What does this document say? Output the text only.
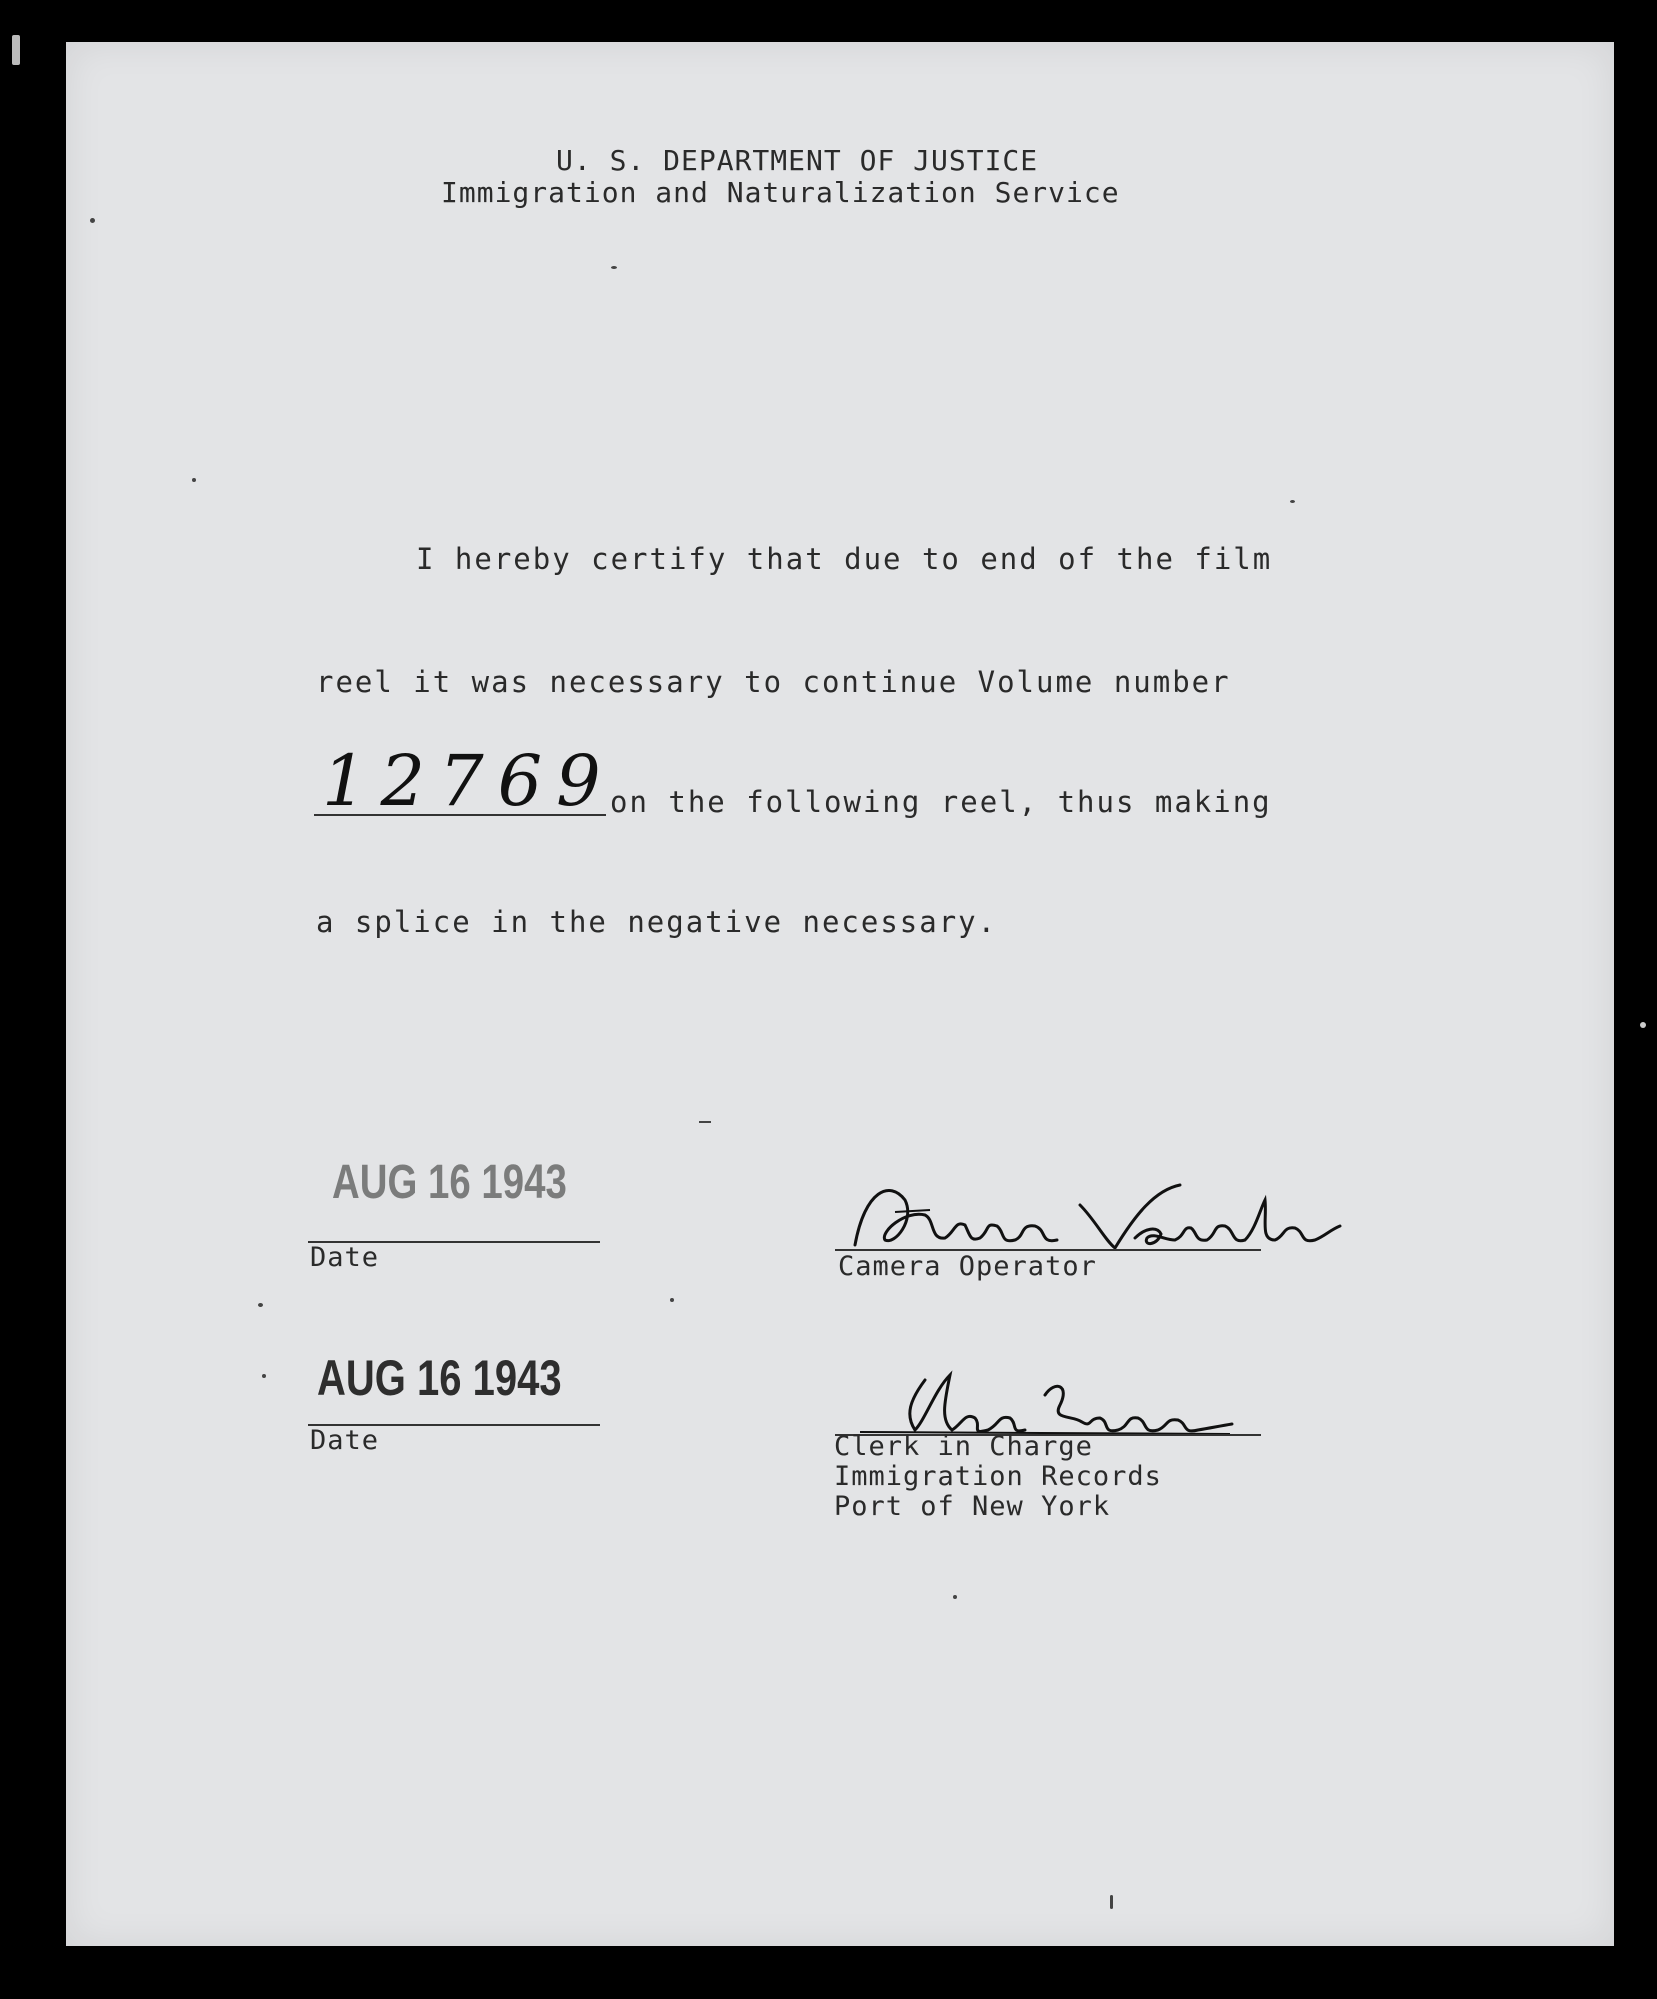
U. S. DEPARTMENT OF JUSTICE
Immigration and Naturalization Service
I hereby certify that due to end of the film
reel it was necessary to continue Volume number
12769
on the following reel, thus making
a splice in the negative necessary.
AUG 16 1943
Date	Camera Operator
AUG 16 1943
Date	Clerk in Charge
Immigration Records
Port of New York
